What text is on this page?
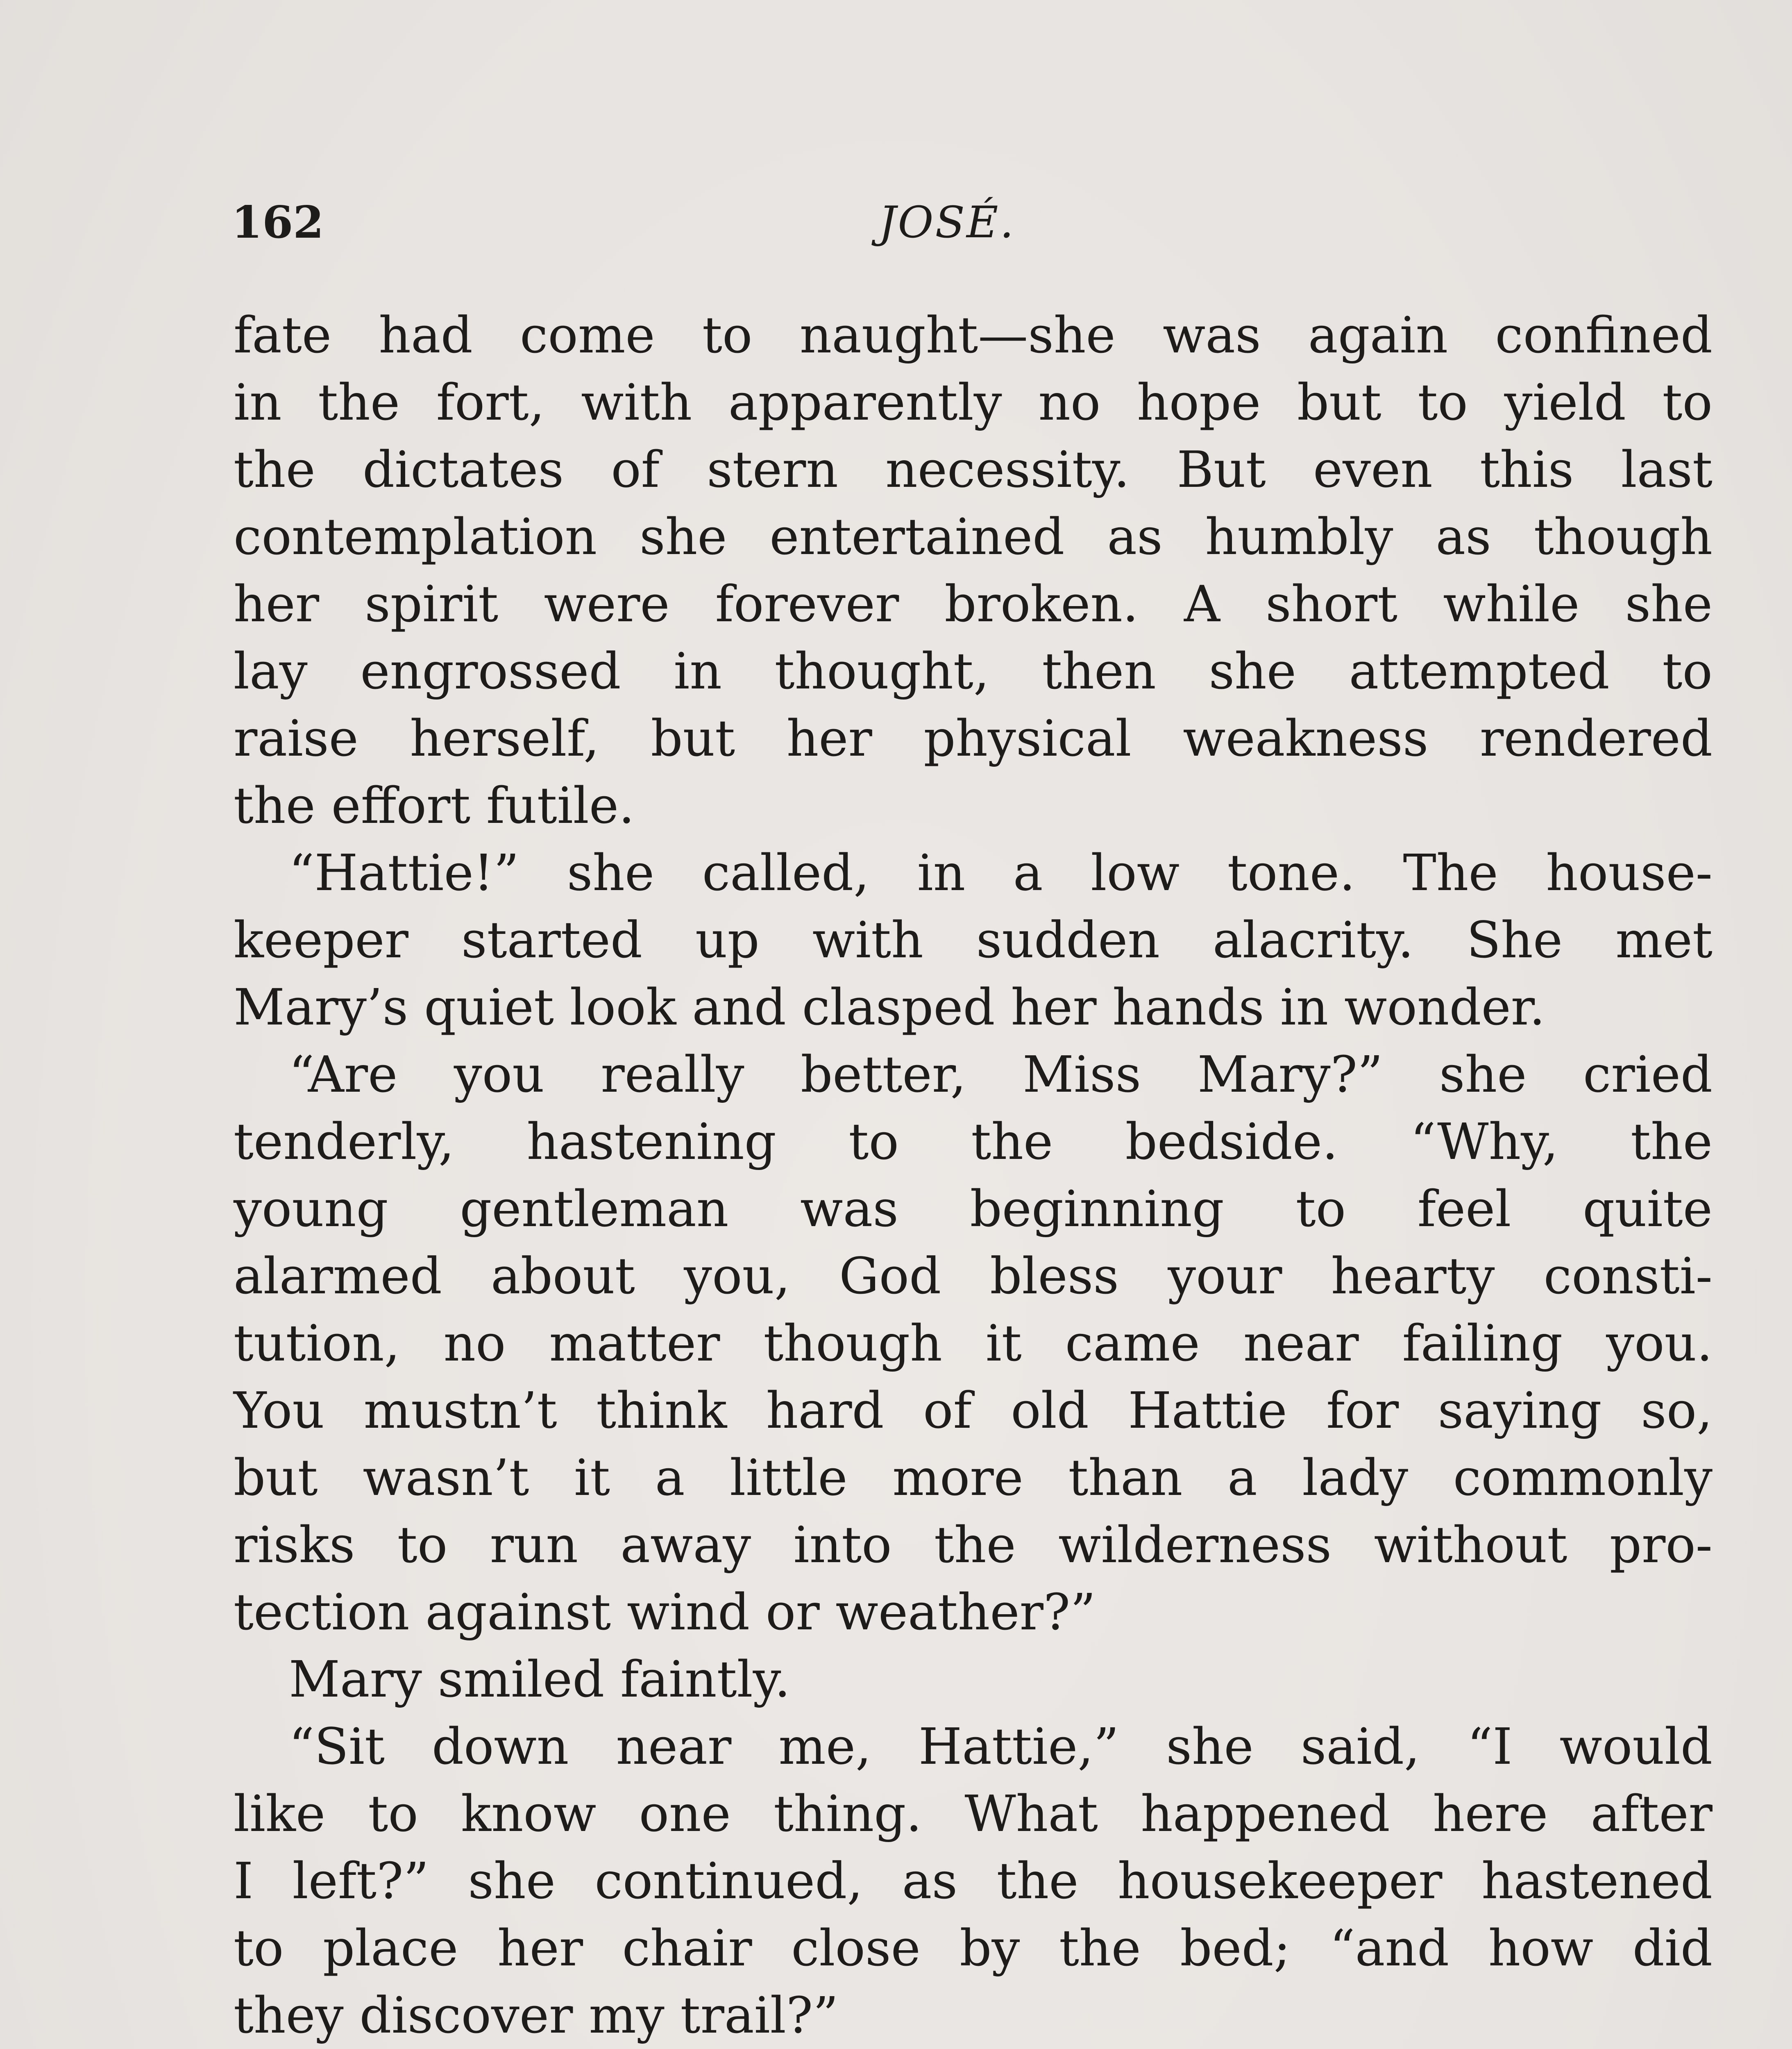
162	JOSÉ.

fate had come to naught—she was again confined
in the fort, with apparently no hope but to yield to
the dictates of stern necessity. But even this last
contemplation she entertained as humbly as though
her spirit were forever broken. A short while she
lay engrossed in thought, then she attempted to
raise herself, but her physical weakness rendered
the effort futile.

“Hattie!” she called, in a low tone. The house-
keeper started up with sudden alacrity. She met
Mary’s quiet look and clasped her hands in wonder.

“Are you really better, Miss Mary?” she cried
tenderly, hastening to the bedside. “Why, the
young gentleman was beginning to feel quite
alarmed about you, God bless your hearty consti-
tution, no matter though it came near failing you.
You mustn’t think hard of old Hattie for saying so,
but wasn’t it a little more than a lady commonly
risks to run away into the wilderness without pro-
tection against wind or weather?”

Mary smiled faintly.

“Sit down near me, Hattie,” she said, “I would
like to know one thing. What happened here after
I left?” she continued, as the housekeeper hastened
to place her chair close by the bed; “and how did
they discover my trail?”
